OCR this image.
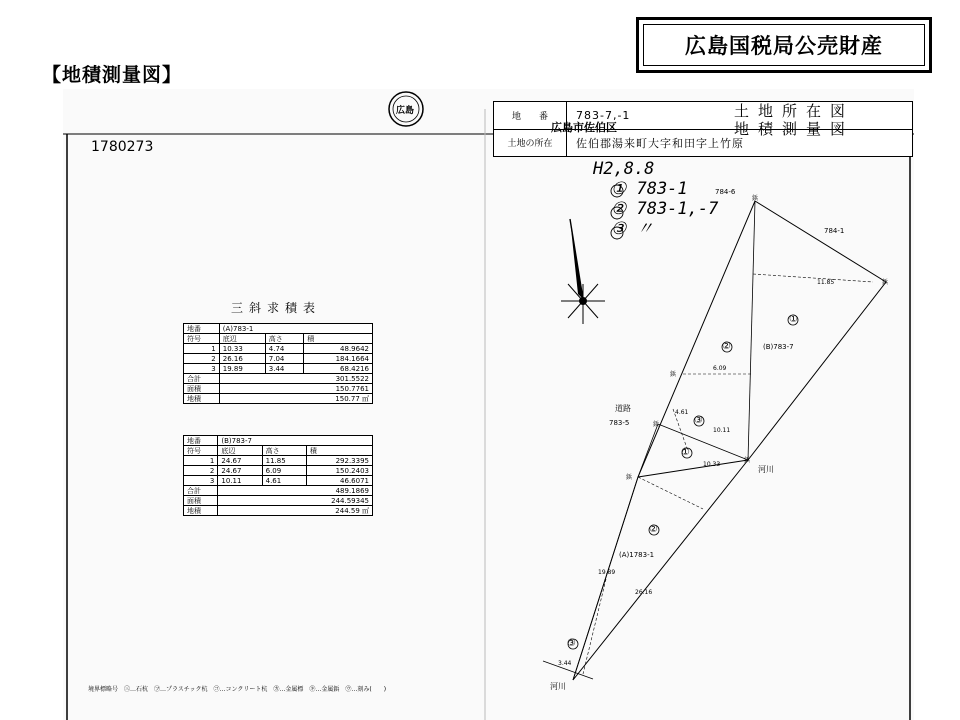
【地積測量図】
広島国税局公売財産
広島
1780273
地　　番	783-7,-1
土地の所在	佐伯郡湯来町大字和田字上竹原
広島市佐伯区
土地所在図
地積測量図
H2,8.8
① 783-1
② 783-1,-7
③ 〃
三斜求積表
地番	(A)783-1		
符号	底辺	高さ	積
1	10.33	4.74	48.9642
2	26.16	7.04	184.1664
3	19.89	3.44	68.4216
合計	301.5522		
面積	150.7761		
地積	150.77 ㎡		
地番	(B)783-7		
符号	底辺	高さ	積
1	24.67	11.85	292.3395
2	24.67	6.09	150.2403
3	10.11	4.61	46.6071
合計	489.1869		
面積	244.59345		
地積	244.59 ㎡		
784-6
784-1
11.85
(B)783-7
①
②
6.09
道路
783-5
4.61
③
10.11
①
10.33
河川
②
(A)1783-1
19.89
26.16
③
3.44
河川
鋲
鋲
鋲
鋲
鋲
鋲
境界標略号　㊂…石杭　㋫…プラスチック杭　㋙…コンクリート杭　㋕…金属標　㋖…金属鋲　㋒…刻み(　　)
